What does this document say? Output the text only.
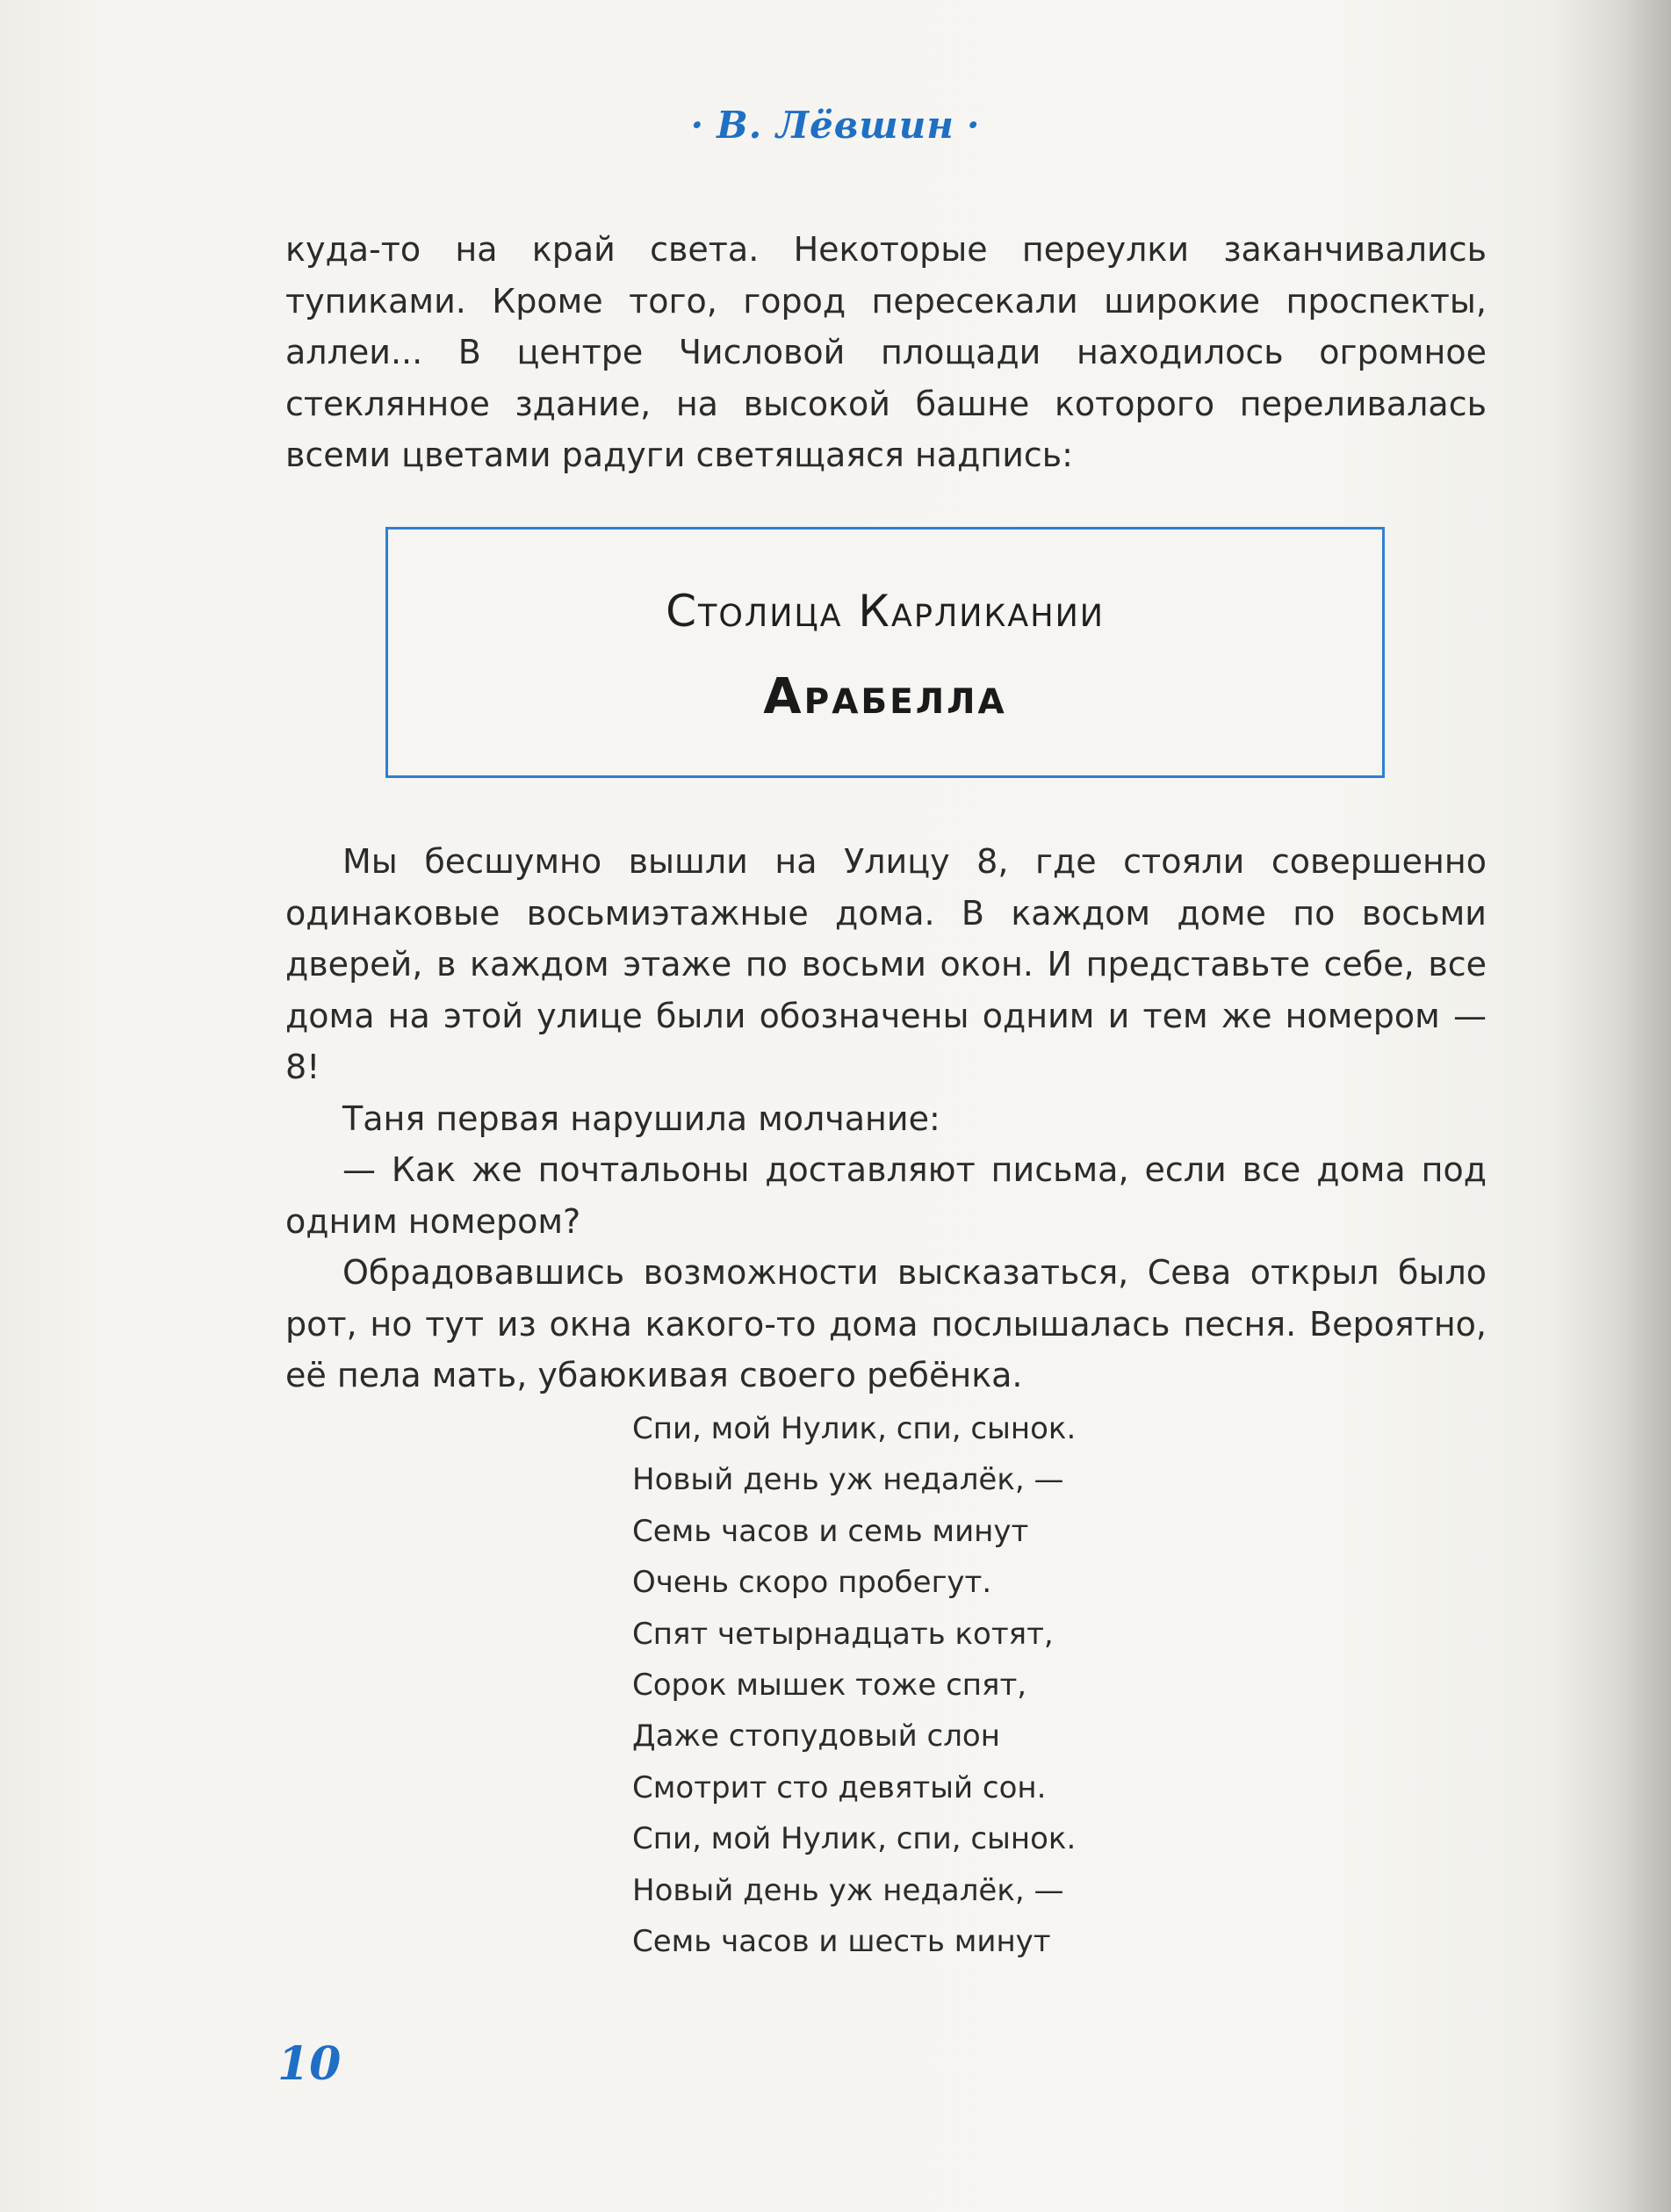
· В. Лёвшин ·

куда-то на край света. Некоторые переулки заканчивались тупиками. Кроме того, город пересекали широкие проспекты, аллеи... В центре Числовой площади находилось огромное стеклянное здание, на высокой башне которого переливалась всеми цветами радуги светящаяся надпись:

Столица Карликании
Арабелла

Мы бесшумно вышли на Улицу 8, где стояли совершенно одинаковые восьмиэтажные дома. В каждом доме по восьми дверей, в каждом этаже по восьми окон. И представьте себе, все дома на этой улице были обозначены одним и тем же номером — 8!

Таня первая нарушила молчание:

— Как же почтальоны доставляют письма, если все дома под одним номером?

Обрадовавшись возможности высказаться, Сева открыл было рот, но тут из окна какого-то дома послышалась песня. Вероятно, её пела мать, убаюкивая своего ребёнка.

Спи, мой Нулик, спи, сынок.
Новый день уж недалёк, —
Семь часов и семь минут
Очень скоро пробегут.
Спят четырнадцать котят,
Сорок мышек тоже спят,
Даже стопудовый слон
Смотрит сто девятый сон.
Спи, мой Нулик, спи, сынок.
Новый день уж недалёк, —
Семь часов и шесть минут
10
